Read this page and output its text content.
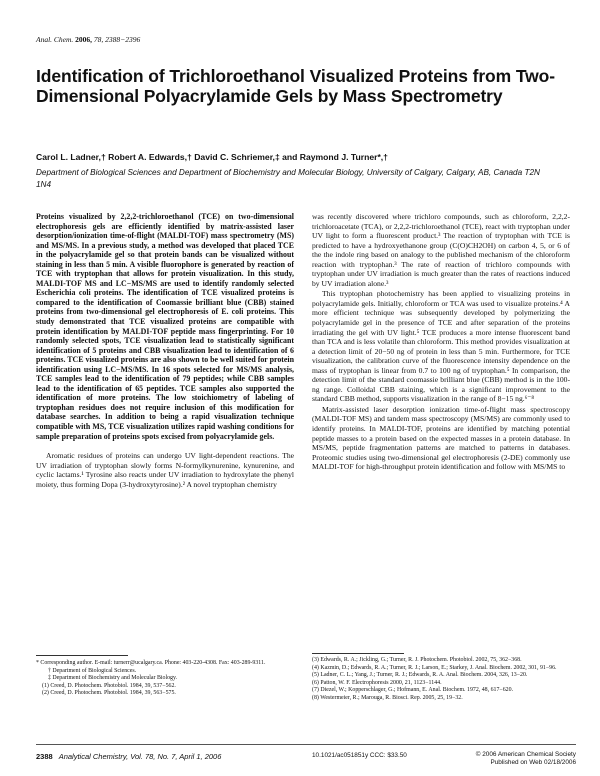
Anal. Chem. 2006, 78, 2388−2396
Identification of Trichloroethanol Visualized Proteins from Two-Dimensional Polyacrylamide Gels by Mass Spectrometry
Carol L. Ladner,† Robert A. Edwards,† David C. Schriemer,‡ and Raymond J. Turner*,†
Department of Biological Sciences and Department of Biochemistry and Molecular Biology, University of Calgary, Calgary, AB, Canada T2N 1N4

Proteins visualized by 2,2,2-trichloroethanol (TCE) on two-dimensional electrophoresis gels are efficiently identified by matrix-assisted laser desorption/ionization time-of-flight (MALDI-TOF) mass spectrometry (MS) and MS/MS. In a previous study, a method was developed that placed TCE in the polyacrylamide gel so that protein bands can be visualized without staining in less than 5 min. A visible fluorophore is generated by reaction of TCE with tryptophan that allows for protein visualization. In this study, MALDI-TOF MS and LC−MS/MS are used to identify randomly selected Escherichia coli proteins. The identification of TCE visualized proteins is compared to the identification of Coomassie brilliant blue (CBB) stained proteins from two-dimensional gel electrophoresis of E. coli proteins. This study demonstrated that TCE visualized proteins are compatible with protein identification by MALDI-TOF peptide mass fingerprinting. For 10 randomly selected spots, TCE visualization lead to statistically significant identification of 5 proteins and CBB visualization lead to identification of 6 proteins. TCE visualized proteins are also shown to be well suited for protein identification using LC−MS/MS. In 16 spots selected for MS/MS analysis, TCE samples lead to the identification of 79 peptides; while CBB samples lead to the identification of 65 peptides. TCE samples also supported the identification of more proteins. The low stoichiometry of labeling of tryptophan residues does not require inclusion of this modification for database searches. In addition to being a rapid visualization technique compatible with MS, TCE visualization utilizes rapid washing conditions for sample preparation of proteins spots excised from polyacrylamide gels.

Aromatic residues of proteins can undergo UV light-dependent reactions. The UV irradiation of tryptophan slowly forms N-formylkynurenine, kynurenine, and cyclic lactams.¹ Tyrosine also reacts under UV irradiation to hydroxylate the phenyl moiety, thus forming Dopa (3-hydroxytyrosine).² A novel tryptophan chemistry

* Corresponding author. E-mail: turnerr@ucalgary.ca. Phone: 403-220-4308. Fax: 403-289-9311.
† Department of Biological Sciences.
‡ Department of Biochemistry and Molecular Biology.
(1) Creed, D. Photochem. Photobiol. 1984, 39, 537−562.
(2) Creed, D. Photochem. Photobiol. 1984, 39, 563−575.

was recently discovered where trichloro compounds, such as chloroform, 2,2,2-trichloroacetate (TCA), or 2,2,2-trichloroethanol (TCE), react with tryptophan under UV light to form a fluorescent product.³ The reaction of tryptophan with TCE is predicted to have a hydroxyethanone group (C(O)CH2OH) on carbon 4, 5, or 6 of the the indole ring based on analogy to the published mechanism of the chloroform reaction with tryptophan.³ The rate of reaction of trichloro compounds with tryptophan under UV irradiation is much greater than the rates of reactions induced by UV irradiation alone.³

This tryptophan photochemistry has been applied to visualizing proteins in polyacrylamide gels. Initially, chloroform or TCA was used to visualize proteins.⁴ A more efficient technique was subsequently developed by polymerizing the polyacrylamide gel in the presence of TCE and after separation of the proteins irradiating the gel with UV light.⁵ TCE produces a more intense fluorescent band than TCA and is less volatile than chloroform. This method provides visualization at a detection limit of 20−50 ng of protein in less than 5 min. Furthermore, for TCE visualization, the calibration curve of the fluorescence intensity dependence on the mass of tryptophan is linear from 0.7 to 100 ng of tryptophan.⁵ In comparison, the detection limit of the standard coomassie brilliant blue (CBB) method is in the 100-ng range. Colloidal CBB staining, which is a significant improvement to the standard CBB method, supports visualization in the range of 8−15 ng.⁶⁻⁸

Matrix-assisted laser desorption ionization time-of-flight mass spectroscopy (MALDI-TOF MS) and tandem mass spectroscopy (MS/MS) are commonly used to identify proteins. In MALDI-TOF, proteins are identified by matching potential peptide masses to a protein based on the expected masses in a protein database. In MS/MS, peptide fragmentation patterns are matched to patterns in databases. Proteomic studies using two-dimensional gel electrophoresis (2-DE) commonly use MALDI-TOF for high-throughput protein identification and follow with MS/MS to

(3) Edwards, R. A.; Jickling, G.; Turner, R. J. Photochem. Photobiol. 2002, 75, 362−368.
(4) Kazmin, D.; Edwards, R. A.; Turner, R. J.; Larson, E.; Starkey, J. Anal. Biochem. 2002, 301, 91−96.
(5) Ladner, C. L.; Yang, J.; Turner, R. J.; Edwards, R. A. Anal. Biochem. 2004, 326, 13−20.
(6) Patton, W. F. Electrophoresis 2000, 21, 1123−1144.
(7) Diezel, W.; Kopperschlager, G.; Hofmann, E. Anal. Biochem. 1972, 48, 617−620.
(8) Westermeier, R.; Marouga, R. Biosci. Rep. 2005, 25, 19−32.
2388 Analytical Chemistry, Vol. 78, No. 7, April 1, 2006	10.1021/ac051851y CCC: $33.50	© 2006 American Chemical Society
Published on Web 02/18/2006
